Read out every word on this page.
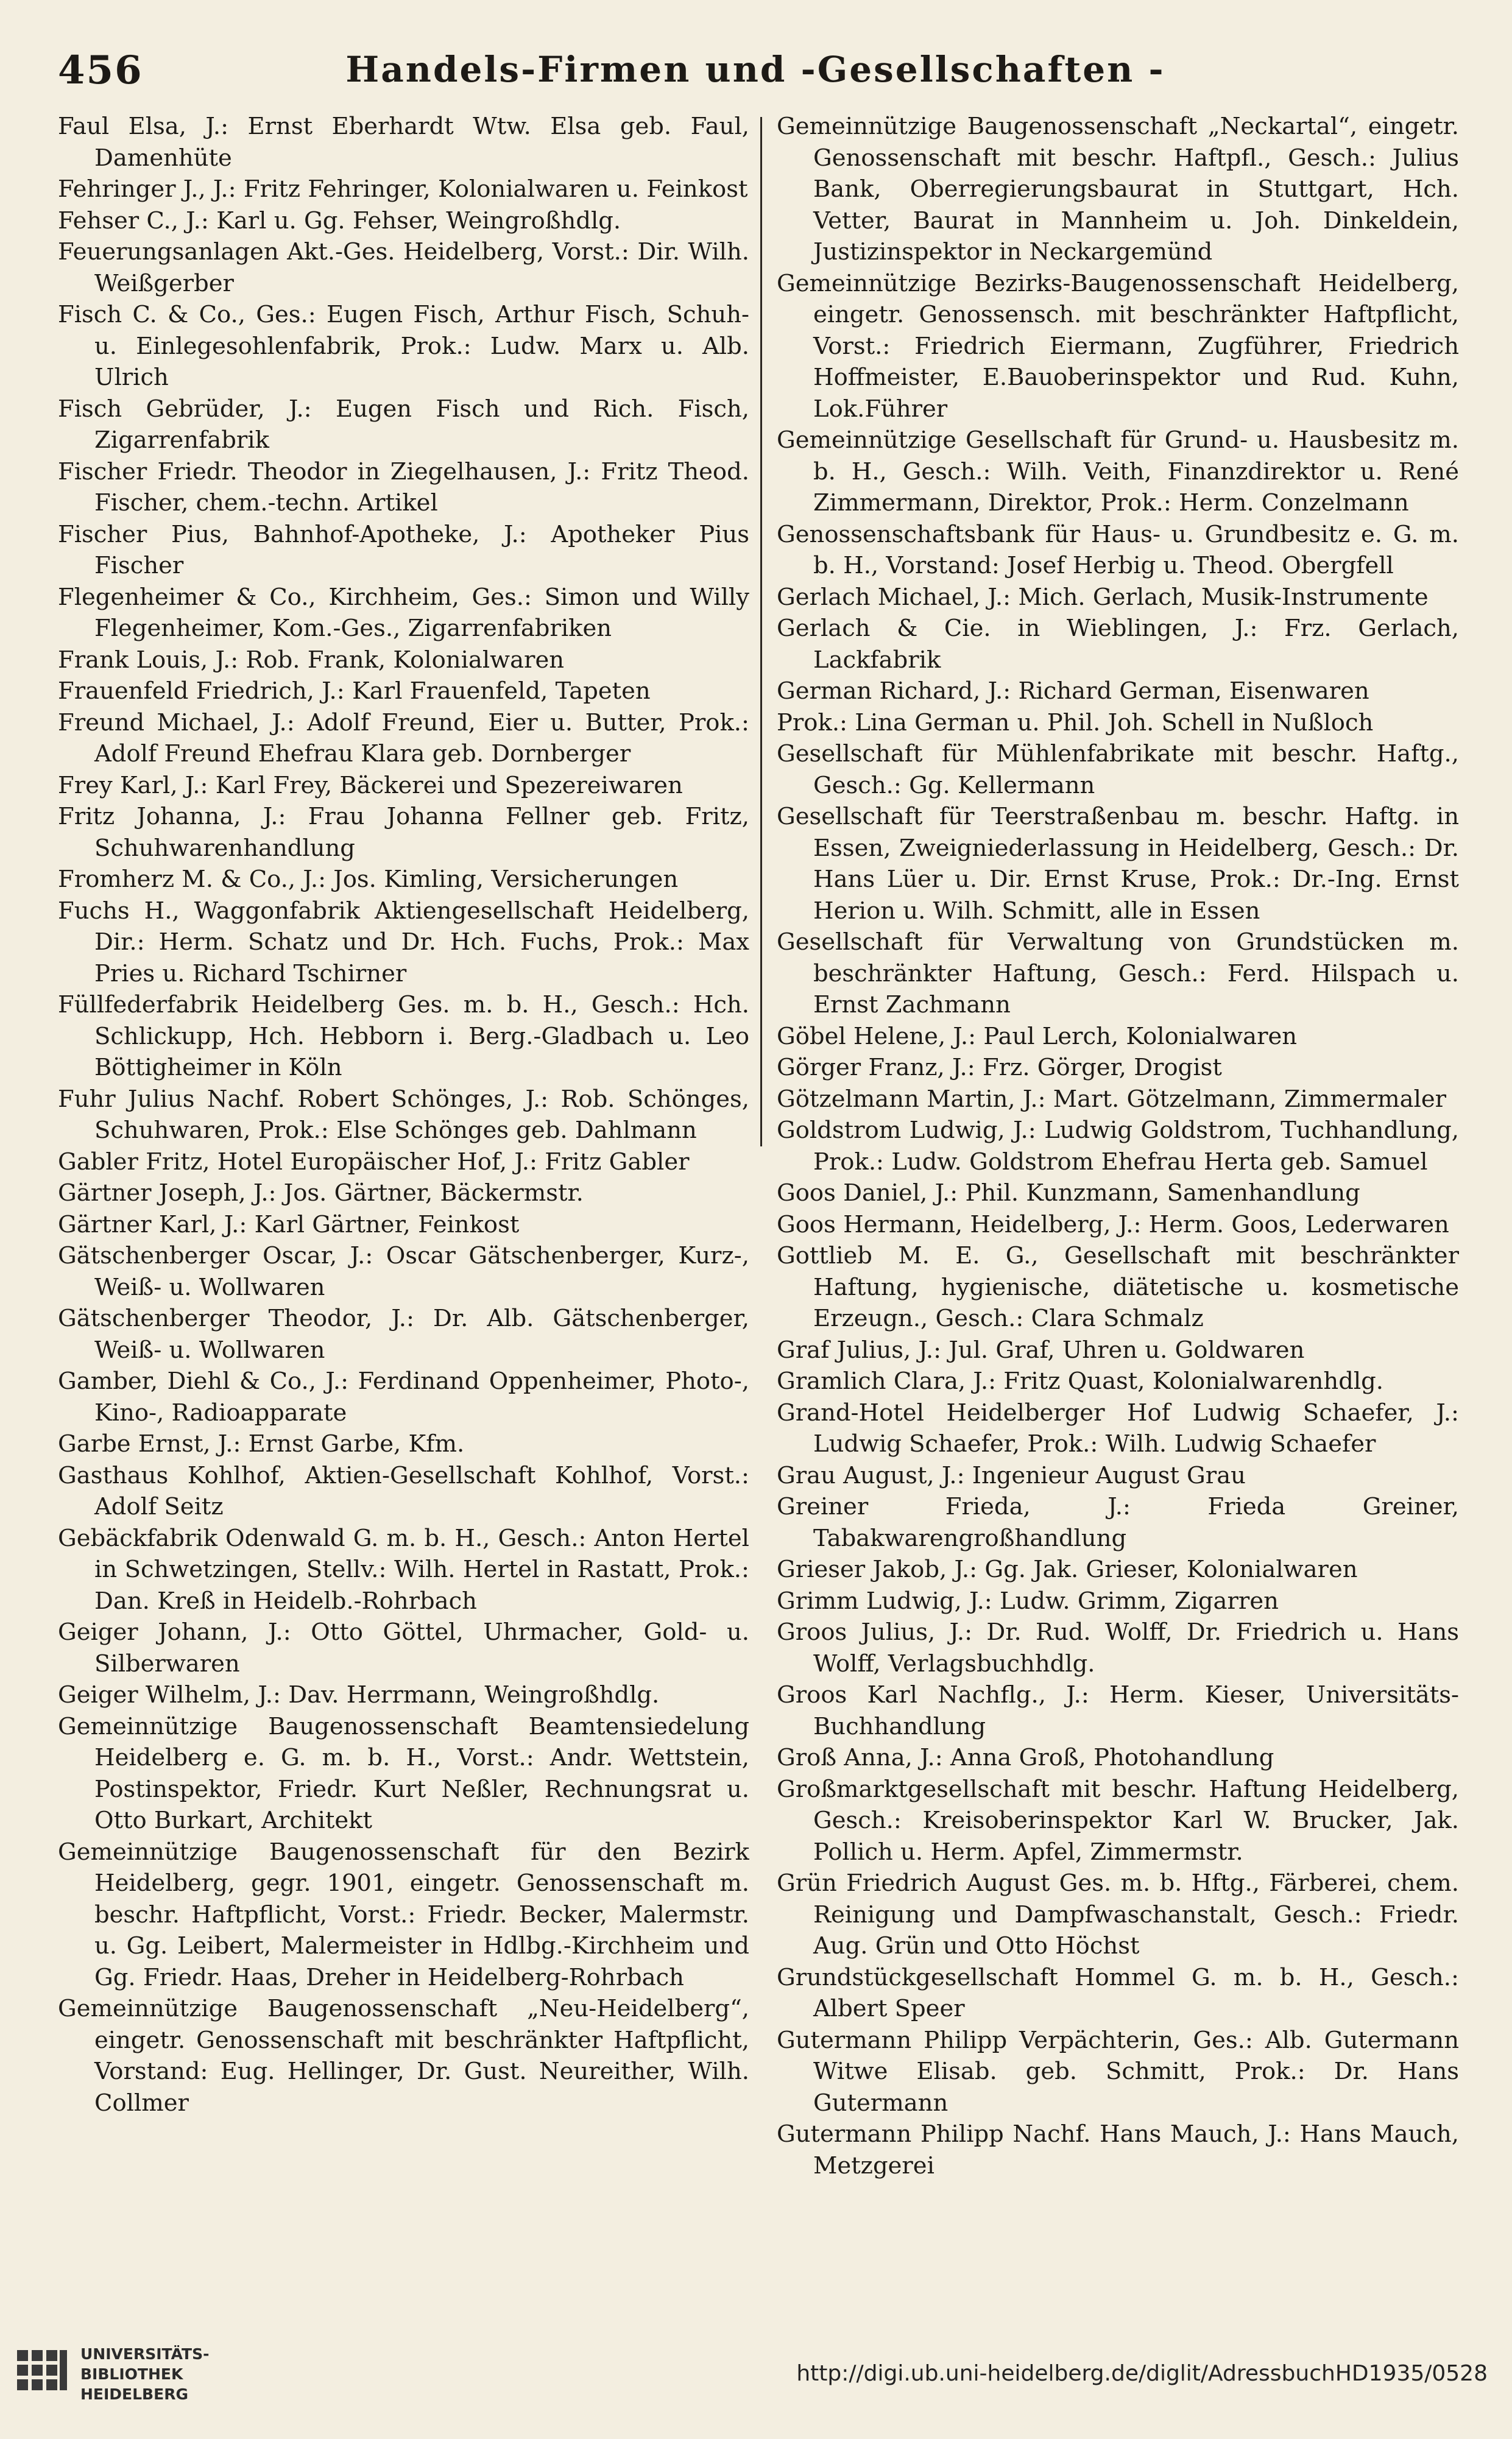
456	Handels-Firmen und -Gesellschaften -

Faul Elsa, J.: Ernst Eberhardt Wtw. Elsa geb. Faul, Damenhüte

Fehringer J., J.: Fritz Fehringer, Kolonialwaren u. Feinkost

Fehser C., J.: Karl u. Gg. Fehser, Weingroßhdlg.

Feuerungsanlagen Akt.-Ges. Heidelberg, Vorst.: Dir. Wilh. Weißgerber

Fisch C. & Co., Ges.: Eugen Fisch, Arthur Fisch, Schuh- u. Einlegesohlenfabrik, Prok.: Ludw. Marx u. Alb. Ulrich

Fisch Gebrüder, J.: Eugen Fisch und Rich. Fisch, Zigarrenfabrik

Fischer Friedr. Theodor in Ziegelhausen, J.: Fritz Theod. Fischer, chem.-techn. Artikel

Fischer Pius, Bahnhof-Apotheke, J.: Apotheker Pius Fischer

Flegenheimer & Co., Kirchheim, Ges.: Simon und Willy Flegenheimer, Kom.-Ges., Zigarrenfabriken

Frank Louis, J.: Rob. Frank, Kolonialwaren

Frauenfeld Friedrich, J.: Karl Frauenfeld, Tapeten

Freund Michael, J.: Adolf Freund, Eier u. Butter, Prok.: Adolf Freund Ehefrau Klara geb. Dornberger

Frey Karl, J.: Karl Frey, Bäckerei und Spezereiwaren

Fritz Johanna, J.: Frau Johanna Fellner geb. Fritz, Schuhwarenhandlung

Fromherz M. & Co., J.: Jos. Kimling, Versicherungen

Fuchs H., Waggonfabrik Aktiengesellschaft Heidelberg, Dir.: Herm. Schatz und Dr. Hch. Fuchs, Prok.: Max Pries u. Richard Tschirner

Füllfederfabrik Heidelberg Ges. m. b. H., Gesch.: Hch. Schlickupp, Hch. Hebborn i. Berg.-Gladbach u. Leo Böttigheimer in Köln

Fuhr Julius Nachf. Robert Schönges, J.: Rob. Schönges, Schuhwaren, Prok.: Else Schönges geb. Dahlmann

Gabler Fritz, Hotel Europäischer Hof, J.: Fritz Gabler

Gärtner Joseph, J.: Jos. Gärtner, Bäckermstr.

Gärtner Karl, J.: Karl Gärtner, Feinkost

Gätschenberger Oscar, J.: Oscar Gätschenberger, Kurz-, Weiß- u. Wollwaren

Gätschenberger Theodor, J.: Dr. Alb. Gätschenberger, Weiß- u. Wollwaren

Gamber, Diehl & Co., J.: Ferdinand Oppenheimer, Photo-, Kino-, Radioapparate

Garbe Ernst, J.: Ernst Garbe, Kfm.

Gasthaus Kohlhof, Aktien-Gesellschaft Kohlhof, Vorst.: Adolf Seitz

Gebäckfabrik Odenwald G. m. b. H., Gesch.: Anton Hertel in Schwetzingen, Stellv.: Wilh. Hertel in Rastatt, Prok.: Dan. Kreß in Heidelb.-Rohrbach

Geiger Johann, J.: Otto Göttel, Uhrmacher, Gold- u. Silberwaren

Geiger Wilhelm, J.: Dav. Herrmann, Weingroßhdlg.

Gemeinnützige Baugenossenschaft Beamtensiedelung Heidelberg e. G. m. b. H., Vorst.: Andr. Wettstein, Postinspektor, Friedr. Kurt Neßler, Rechnungsrat u. Otto Burkart, Architekt

Gemeinnützige Baugenossenschaft für den Bezirk Heidelberg, gegr. 1901, eingetr. Genossenschaft m. beschr. Haftpflicht, Vorst.: Friedr. Becker, Malermstr. u. Gg. Leibert, Malermeister in Hdlbg.-Kirchheim und Gg. Friedr. Haas, Dreher in Heidelberg-Rohrbach

Gemeinnützige Baugenossenschaft „Neu-Heidelberg“, eingetr. Genossenschaft mit beschränkter Haftpflicht, Vorstand: Eug. Hellinger, Dr. Gust. Neureither, Wilh. Collmer

Gemeinnützige Baugenossenschaft „Neckartal“, eingetr. Genossenschaft mit beschr. Haftpfl., Gesch.: Julius Bank, Oberregierungsbaurat in Stuttgart, Hch. Vetter, Baurat in Mannheim u. Joh. Dinkeldein, Justizinspektor in Neckargemünd

Gemeinnützige Bezirks-Baugenossenschaft Heidelberg, eingetr. Genossensch. mit beschränkter Haftpflicht, Vorst.: Friedrich Eiermann, Zugführer, Friedrich Hoffmeister, E.Bauoberinspektor und Rud. Kuhn, Lok.Führer

Gemeinnützige Gesellschaft für Grund- u. Hausbesitz m. b. H., Gesch.: Wilh. Veith, Finanzdirektor u. René Zimmermann, Direktor, Prok.: Herm. Conzelmann

Genossenschaftsbank für Haus- u. Grundbesitz e. G. m. b. H., Vorstand: Josef Herbig u. Theod. Obergfell

Gerlach Michael, J.: Mich. Gerlach, Musik-Instrumente

Gerlach & Cie. in Wieblingen, J.: Frz. Gerlach, Lackfabrik

German Richard, J.: Richard German, Eisenwaren

Prok.: Lina German u. Phil. Joh. Schell in Nußloch

Gesellschaft für Mühlenfabrikate mit beschr. Haftg., Gesch.: Gg. Kellermann

Gesellschaft für Teerstraßenbau m. beschr. Haftg. in Essen, Zweigniederlassung in Heidelberg, Gesch.: Dr. Hans Lüer u. Dir. Ernst Kruse, Prok.: Dr.-Ing. Ernst Herion u. Wilh. Schmitt, alle in Essen

Gesellschaft für Verwaltung von Grundstücken m. beschränkter Haftung, Gesch.: Ferd. Hilspach u. Ernst Zachmann

Göbel Helene, J.: Paul Lerch, Kolonialwaren

Görger Franz, J.: Frz. Görger, Drogist

Götzelmann Martin, J.: Mart. Götzelmann, Zimmermaler

Goldstrom Ludwig, J.: Ludwig Goldstrom, Tuchhandlung, Prok.: Ludw. Goldstrom Ehefrau Herta geb. Samuel

Goos Daniel, J.: Phil. Kunzmann, Samenhandlung

Goos Hermann, Heidelberg, J.: Herm. Goos, Lederwaren

Gottlieb M. E. G., Gesellschaft mit beschränkter Haftung, hygienische, diätetische u. kosmetische Erzeugn., Gesch.: Clara Schmalz

Graf Julius, J.: Jul. Graf, Uhren u. Goldwaren

Gramlich Clara, J.: Fritz Quast, Kolonialwarenhdlg.

Grand-Hotel Heidelberger Hof Ludwig Schaefer, J.: Ludwig Schaefer, Prok.: Wilh. Ludwig Schaefer

Grau August, J.: Ingenieur August Grau

Greiner Frieda, J.: Frieda Greiner, Tabakwarengroßhandlung

Grieser Jakob, J.: Gg. Jak. Grieser, Kolonialwaren

Grimm Ludwig, J.: Ludw. Grimm, Zigarren

Groos Julius, J.: Dr. Rud. Wolff, Dr. Friedrich u. Hans Wolff, Verlagsbuchhdlg.

Groos Karl Nachflg., J.: Herm. Kieser, Universitäts-Buchhandlung

Groß Anna, J.: Anna Groß, Photohandlung

Großmarktgesellschaft mit beschr. Haftung Heidelberg, Gesch.: Kreisoberinspektor Karl W. Brucker, Jak. Pollich u. Herm. Apfel, Zimmermstr.

Grün Friedrich August Ges. m. b. Hftg., Färberei, chem. Reinigung und Dampfwaschanstalt, Gesch.: Friedr. Aug. Grün und Otto Höchst

Grundstückgesellschaft Hommel G. m. b. H., Gesch.: Albert Speer

Gutermann Philipp Verpächterin, Ges.: Alb. Gutermann Witwe Elisab. geb. Schmitt, Prok.: Dr. Hans Gutermann

Gutermann Philipp Nachf. Hans Mauch, J.: Hans Mauch, Metzgerei

UNIVERSITÄTS-
BIBLIOTHEK
HEIDELBERG
http://digi.ub.uni-heidelberg.de/diglit/AdressbuchHD1935/0528
